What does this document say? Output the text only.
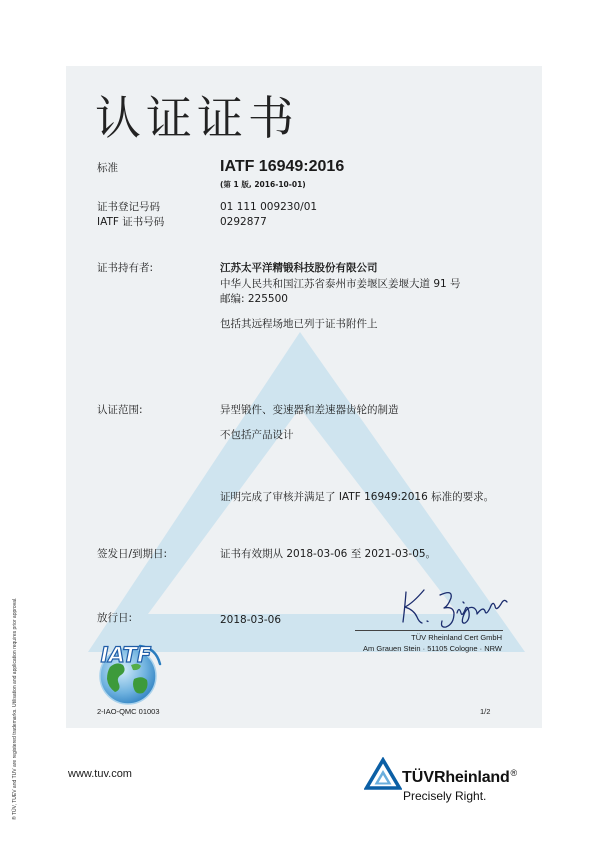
认证证书
标准	IATF 16949:2016
(第 1 版, 2016-10-01)
证书登记号码	01 111 009230/01
IATF 证书号码	0292877
证书持有者:	江苏太平洋精锻科技股份有限公司
中华人民共和国江苏省泰州市姜堰区姜堰大道 91 号
邮编: 225500
包括其远程场地已列于证书附件上
认证范围:	异型锻件、变速器和差速器齿轮的制造
不包括产品设计
证明完成了审核并满足了 IATF 16949:2016 标准的要求。
签发日/到期日:	证书有效期从 2018-03-06 至 2021-03-05。
放行日:	2018-03-06
TÜV Rheinland Cert GmbH
Am Grauen Stein · 51105 Cologne · NRW
IATF
2-IAO-QMC 01003	1/2
www.tuv.com	TÜVRheinland®
Precisely Right.
® TÜV, TUEV and TUV are registered trademarks. Utilisation and application requires prior approval.
